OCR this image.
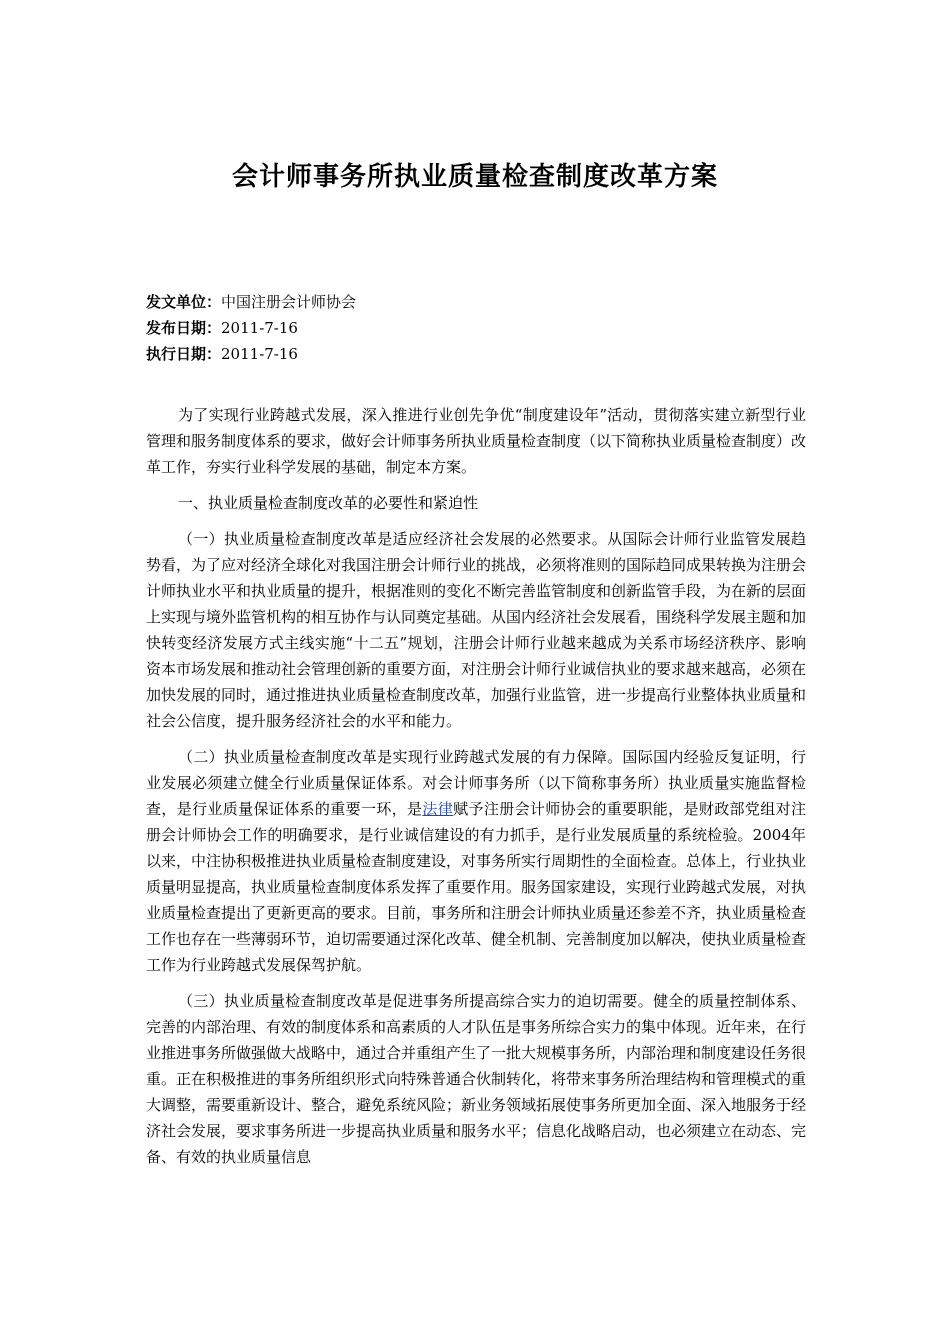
会计师事务所执业质量检查制度改革方案
发文单位：中国注册会计师协会
发布日期：2011-7-16
执行日期：2011-7-16

为了实现行业跨越式发展，深入推进行业创先争优“制度建设年”活动，贯彻落实建立新型行业管理和服务制度体系的要求，做好会计师事务所执业质量检查制度（以下简称执业质量检查制度）改革工作，夯实行业科学发展的基础，制定本方案。

一、执业质量检查制度改革的必要性和紧迫性

（一）执业质量检查制度改革是适应经济社会发展的必然要求。从国际会计师行业监管发展趋势看，为了应对经济全球化对我国注册会计师行业的挑战，必须将准则的国际趋同成果转换为注册会计师执业水平和执业质量的提升，根据准则的变化不断完善监管制度和创新监管手段，为在新的层面上实现与境外监管机构的相互协作与认同奠定基础。从国内经济社会发展看，围绕科学发展主题和加快转变经济发展方式主线实施“十二五”规划，注册会计师行业越来越成为关系市场经济秩序、影响资本市场发展和推动社会管理创新的重要方面，对注册会计师行业诚信执业的要求越来越高，必须在加快发展的同时，通过推进执业质量检查制度改革，加强行业监管，进一步提高行业整体执业质量和社会公信度，提升服务经济社会的水平和能力。

（二）执业质量检查制度改革是实现行业跨越式发展的有力保障。国际国内经验反复证明，行业发展必须建立健全行业质量保证体系。对会计师事务所（以下简称事务所）执业质量实施监督检查，是行业质量保证体系的重要一环，是法律赋予注册会计师协会的重要职能，是财政部党组对注册会计师协会工作的明确要求，是行业诚信建设的有力抓手，是行业发展质量的系统检验。2004年以来，中注协积极推进执业质量检查制度建设，对事务所实行周期性的全面检查。总体上，行业执业质量明显提高，执业质量检查制度体系发挥了重要作用。服务国家建设，实现行业跨越式发展，对执业质量检查提出了更新更高的要求。目前，事务所和注册会计师执业质量还参差不齐，执业质量检查工作也存在一些薄弱环节，迫切需要通过深化改革、健全机制、完善制度加以解决，使执业质量检查工作为行业跨越式发展保驾护航。

（三）执业质量检查制度改革是促进事务所提高综合实力的迫切需要。健全的质量控制体系、完善的内部治理、有效的制度体系和高素质的人才队伍是事务所综合实力的集中体现。近年来，在行业推进事务所做强做大战略中，通过合并重组产生了一批大规模事务所，内部治理和制度建设任务很重。正在积极推进的事务所组织形式向特殊普通合伙制转化，将带来事务所治理结构和管理模式的重大调整，需要重新设计、整合，避免系统风险；新业务领域拓展使事务所更加全面、深入地服务于经济社会发展，要求事务所进一步提高执业质量和服务水平；信息化战略启动，也必须建立在动态、完备、有效的执业质量信息
